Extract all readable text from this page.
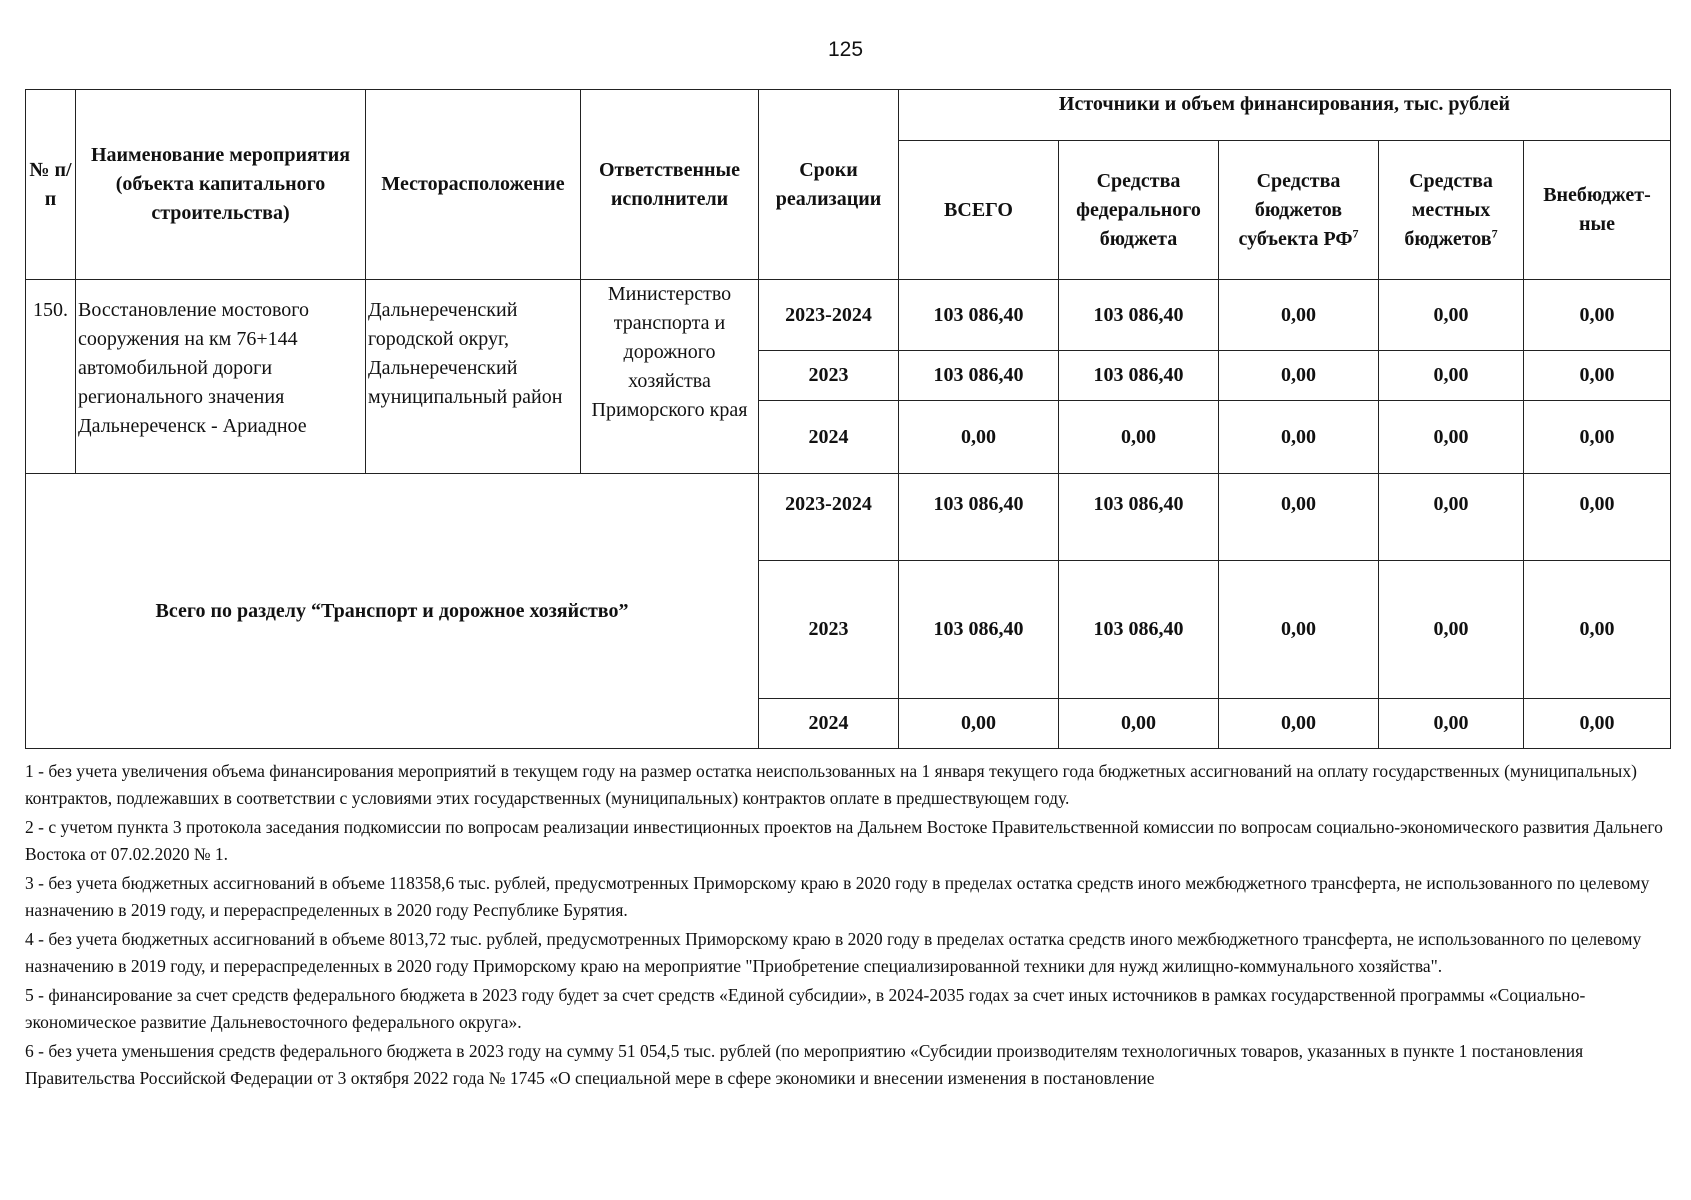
125
№ п/п	Наименование мероприятия (объекта капитального строительства)	Месторасположение	Ответственные исполнители	Сроки реализации	Источники и объем финансирования, тыс. рублей				
					ВСЕГО	Средства федерального бюджета	Средства бюджетов субъекта $РФ^7$	Средства местных бюджетов$^7$	Внебюджет-ные
150.	Восстановление мостового сооружения на км 76+144 автомобильной дороги регионального значения Дальнереченск - Ариадное	Дальнереченский городской округ, Дальнереченский муниципальный район	Министерство транспорта и дорожного хозяйства Приморского края	2023-2024	103 086,40	103 086,40	0,00	0,00	0,00
				2023	103 086,40	103 086,40	0,00	0,00	0,00
				2024	0,00	0,00	0,00	0,00	0,00
Всего по разделу “Транспорт и дорожное хозяйство”				2023-2024	103 086,40	103 086,40	0,00	0,00	0,00
				2023	103 086,40	103 086,40	0,00	0,00	0,00
				2024	0,00	0,00	0,00	0,00	0,00

1 - без учета увеличения объема финансирования мероприятий в текущем году на размер остатка неиспользованных на 1 января текущего года бюджетных ассигнований на оплату государственных (муниципальных) контрактов, подлежавших в соответствии с условиями этих государственных (муниципальных) контрактов оплате в предшествующем году.

2 - с учетом пункта 3 протокола заседания подкомиссии по вопросам реализации инвестиционных проектов на Дальнем Востоке Правительственной комиссии по вопросам социально-экономического развития Дальнего Востока от 07.02.2020 № 1.

3 - без учета бюджетных ассигнований в объеме 118358,6 тыс. рублей, предусмотренных Приморскому краю в 2020 году в пределах остатка средств иного межбюджетного трансферта, не использованного по целевому назначению в 2019 году, и перераспределенных в 2020 году Республике Бурятия.

4 - без учета бюджетных ассигнований в объеме 8013,72 тыс. рублей, предусмотренных Приморскому краю в 2020 году в пределах остатка средств иного межбюджетного трансферта, не использованного по целевому назначению в 2019 году, и перераспределенных в 2020 году Приморскому краю на мероприятие "Приобретение специализированной техники для нужд жилищно-коммунального хозяйства".

5 - финансирование за счет средств федерального бюджета в 2023 году будет за счет средств «Единой субсидии», в 2024-2035 годах за счет иных источников в рамках государственной программы «Социально-экономическое развитие Дальневосточного федерального округа».

6 - без учета уменьшения средств федерального бюджета в 2023 году на сумму 51 054,5 тыс. рублей (по мероприятию «Субсидии производителям технологичных товаров, указанных в пункте 1 постановления Правительства Российской Федерации от 3 октября 2022 года № 1745 «О специальной мере в сфере экономики и внесении изменения в постановление
